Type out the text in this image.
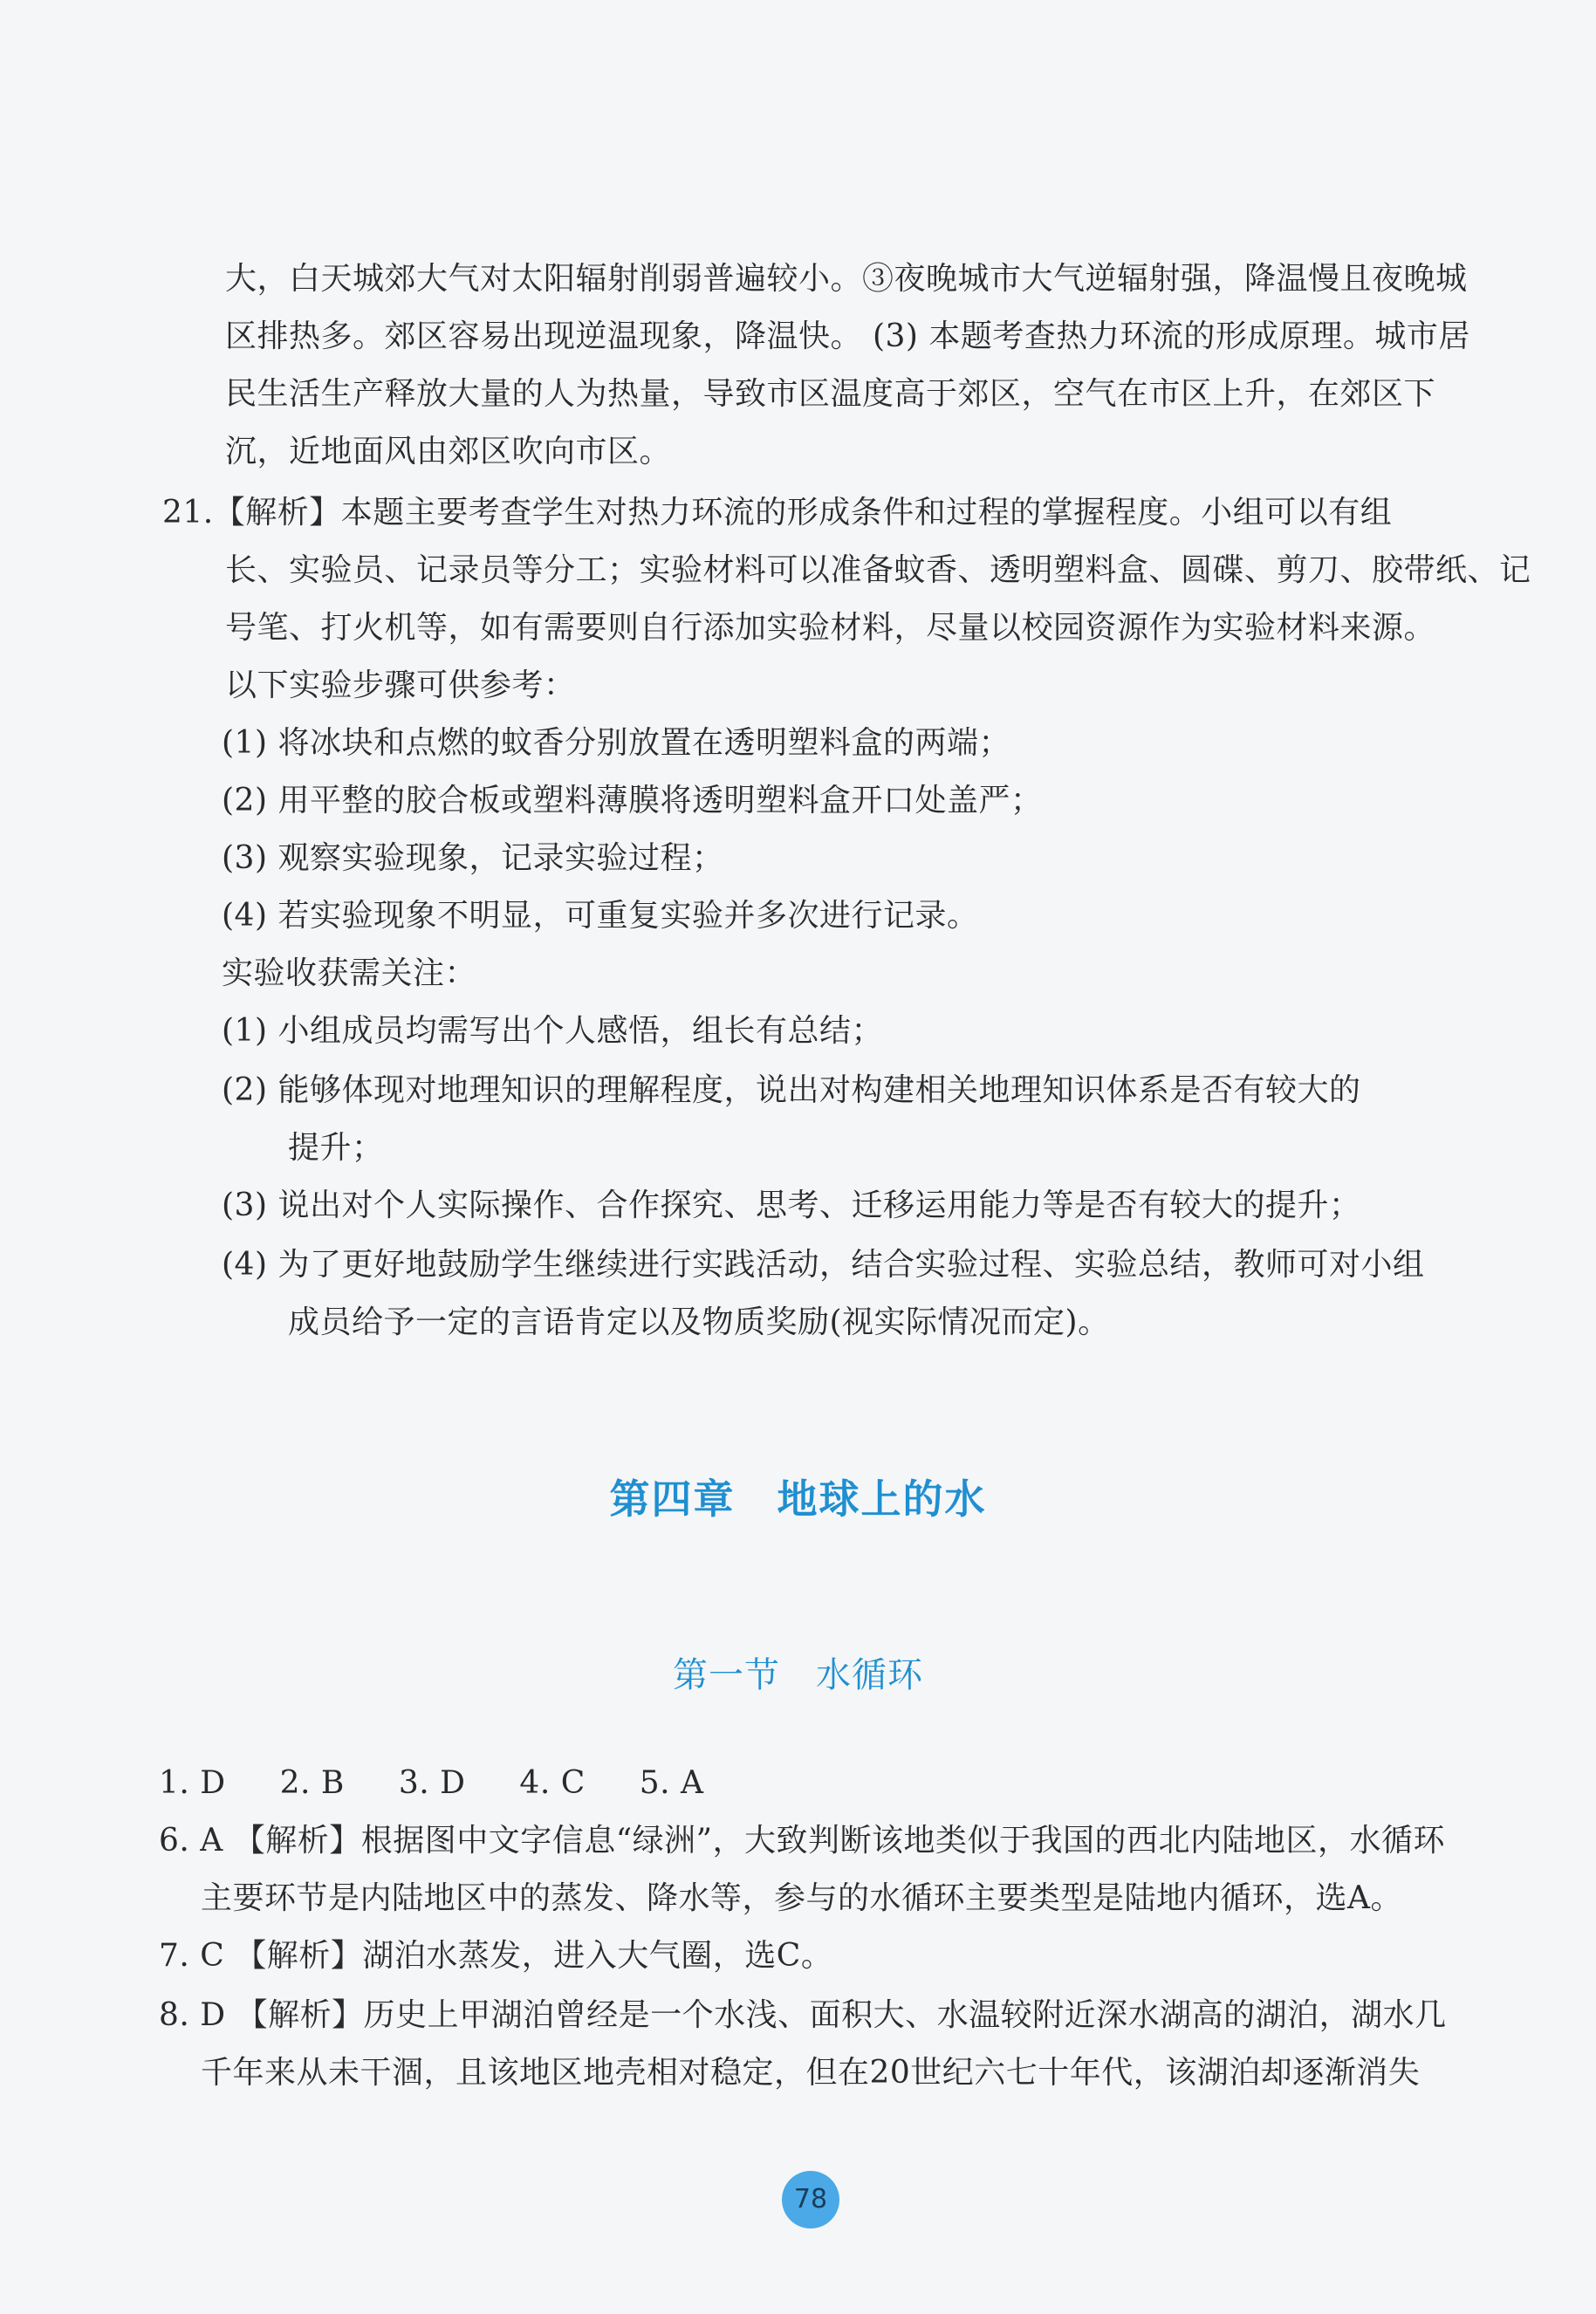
大，白天城郊大气对太阳辐射削弱普遍较小。③夜晚城市大气逆辐射强，降温慢且夜晚城
区排热多。郊区容易出现逆温现象，降温快。 (3) 本题考查热力环流的形成原理。城市居
民生活生产释放大量的人为热量，导致市区温度高于郊区，空气在市区上升，在郊区下
沉，近地面风由郊区吹向市区。
21.【解析】本题主要考查学生对热力环流的形成条件和过程的掌握程度。小组可以有组
长、实验员、记录员等分工；实验材料可以准备蚊香、透明塑料盒、圆碟、剪刀、胶带纸、记
号笔、打火机等，如有需要则自行添加实验材料，尽量以校园资源作为实验材料来源。
以下实验步骤可供参考：
(1) 将冰块和点燃的蚊香分别放置在透明塑料盒的两端；
(2) 用平整的胶合板或塑料薄膜将透明塑料盒开口处盖严；
(3) 观察实验现象，记录实验过程；
(4) 若实验现象不明显，可重复实验并多次进行记录。
实验收获需关注：
(1) 小组成员均需写出个人感悟，组长有总结；
(2) 能够体现对地理知识的理解程度，说出对构建相关地理知识体系是否有较大的
提升；
(3) 说出对个人实际操作、合作探究、思考、迁移运用能力等是否有较大的提升；
(4) 为了更好地鼓励学生继续进行实践活动，结合实验过程、实验总结，教师可对小组
成员给予一定的言语肯定以及物质奖励(视实际情况而定)。
第四章　地球上的水
第一节　水循环
1. D 2. B 3. D 4. C 5. A
6. A 【解析】根据图中文字信息“绿洲”，大致判断该地类似于我国的西北内陆地区，水循环
主要环节是内陆地区中的蒸发、降水等，参与的水循环主要类型是陆地内循环，选A。
7. C 【解析】湖泊水蒸发，进入大气圈，选C。
8. D 【解析】历史上甲湖泊曾经是一个水浅、面积大、水温较附近深水湖高的湖泊，湖水几
千年来从未干涸，且该地区地壳相对稳定，但在20世纪六七十年代，该湖泊却逐渐消失
78
